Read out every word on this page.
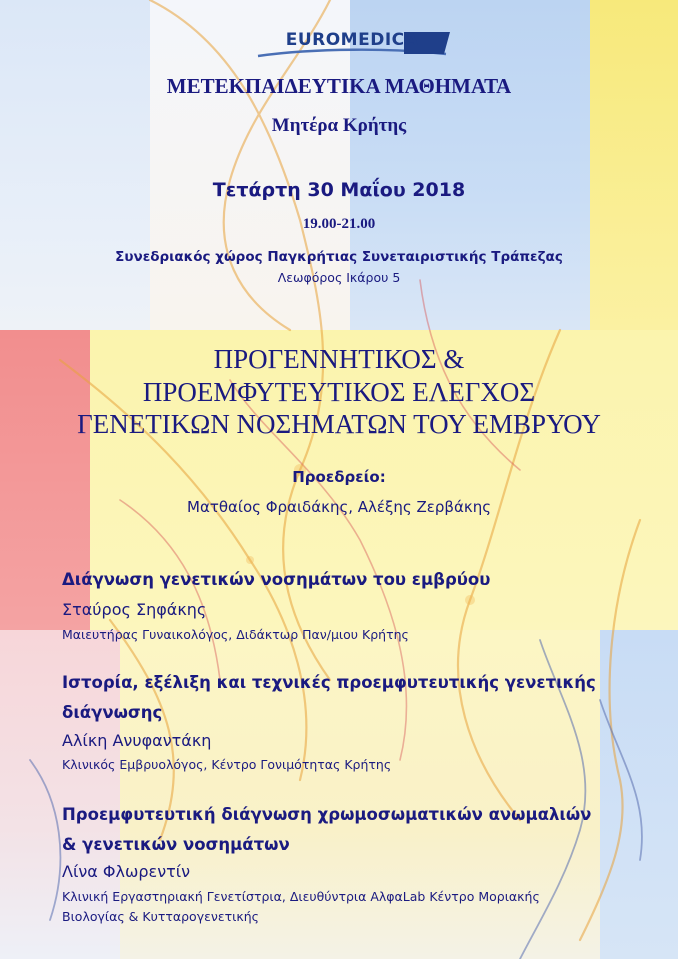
EUROMEDICA
ΜΕΤΕΚΠΑΙΔΕΥΤΙΚΑ ΜΑΘΗΜΑΤΑ
Μητέρα Κρήτης
Τετάρτη 30 Μαΐου 2018
19.00-21.00
Συνεδριακός χώρος Παγκρήτιας Συνεταιριστικής Τράπεζας
Λεωφόρος Ικάρου 5
ΠΡΟΓΕΝΝΗΤΙΚΟΣ &
ΠΡΟΕΜΦΥΤΕΥΤΙΚΟΣ ΕΛΕΓΧΟΣ
ΓΕΝΕΤΙΚΩΝ ΝΟΣΗΜΑΤΩΝ ΤΟΥ ΕΜΒΡΥΟΥ
Προεδρείο:
Ματθαίος Φραιδάκης, Αλέξης Ζερβάκης
Διάγνωση γενετικών νοσημάτων του εμβρύου
Σταύρος Σηφάκης
Μαιευτήρας Γυναικολόγος, Διδάκτωρ Παν/μιου Κρήτης
Ιστορία, εξέλιξη και τεχνικές προεμφυτευτικής γενετικής
διάγνωσης
Αλίκη Ανυφαντάκη
Κλινικός Εμβρυολόγος, Κέντρο Γονιμότητας Κρήτης
Προεμφυτευτική διάγνωση χρωμοσωματικών ανωμαλιών
& γενετικών νοσημάτων
Λίνα Φλωρεντίν
Κλινική Εργαστηριακή Γενετίστρια, Διευθύντρια ΑλφαLab Κέντρο Μοριακής
Βιολογίας & Κυτταρογενετικής
